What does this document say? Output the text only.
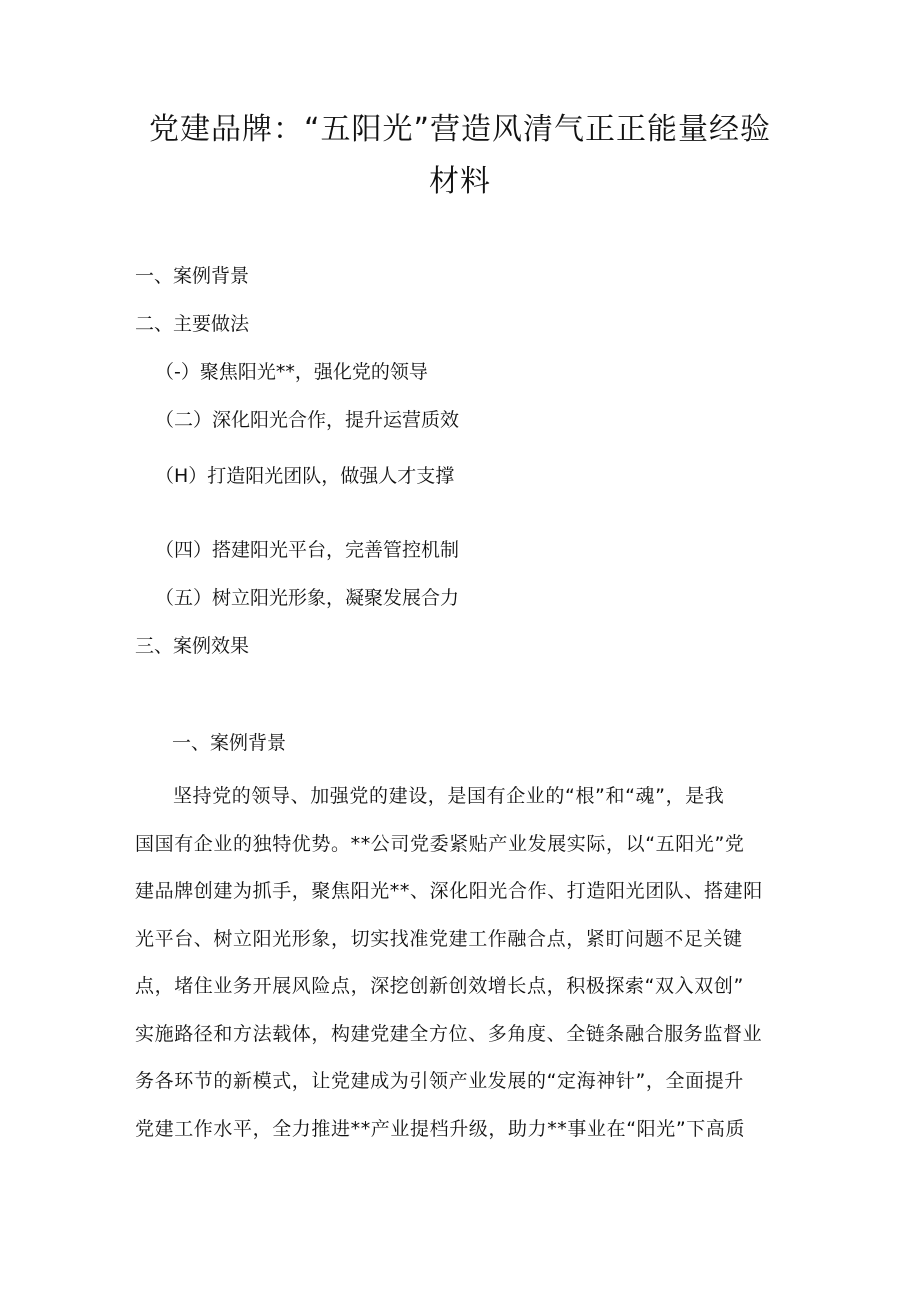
党建品牌：“五阳光”营造风清气正正能量经验
材料
一、案例背景
二、主要做法
（-）聚焦阳光**，强化党的领导
（二）深化阳光合作，提升运营质效
（H）打造阳光团队，做强人才支撑
（四）搭建阳光平台，完善管控机制
（五）树立阳光形象，凝聚发展合力
三、案例效果
一、案例背景
坚持党的领导、加强党的建设，是国有企业的“根”和“魂”，是我
国国有企业的独特优势。**公司党委紧贴产业发展实际，以“五阳光”党
建品牌创建为抓手，聚焦阳光**、深化阳光合作、打造阳光团队、搭建阳
光平台、树立阳光形象，切实找准党建工作融合点，紧盯问题不足关键
点，堵住业务开展风险点，深挖创新创效增长点，积极探索“双入双创”
实施路径和方法载体，构建党建全方位、多角度、全链条融合服务监督业
务各环节的新模式，让党建成为引领产业发展的“定海神针”，全面提升
党建工作水平，全力推进**产业提档升级，助力**事业在“阳光”下高质
